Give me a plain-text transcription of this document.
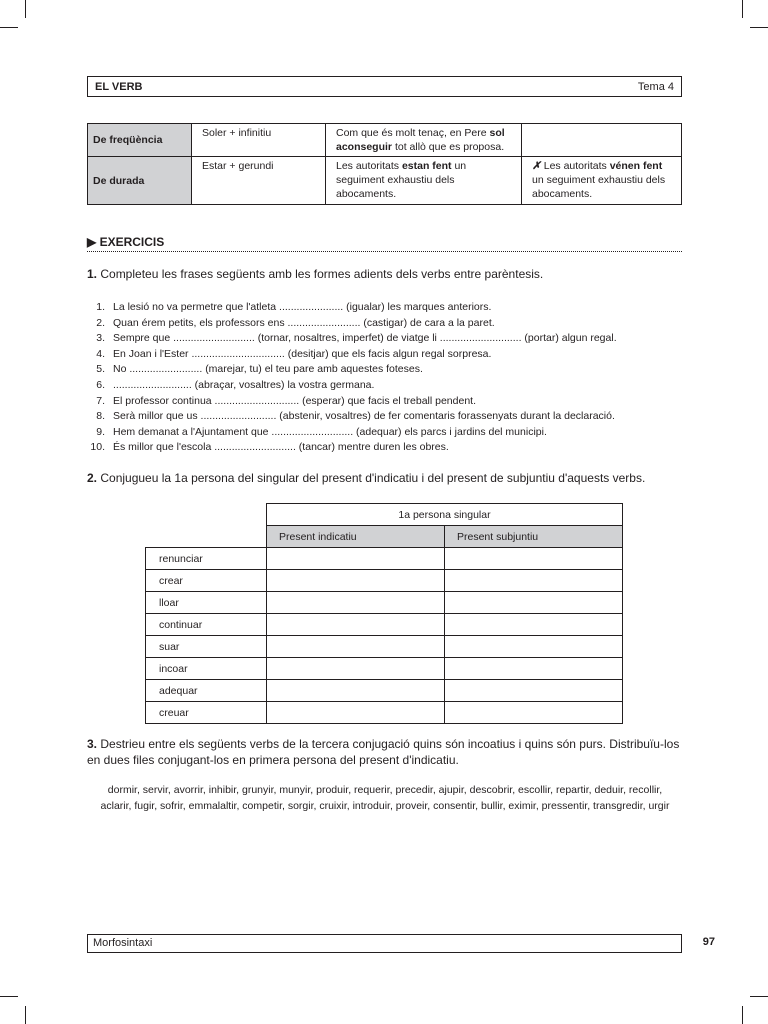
EL VERB	Tema 4
De freqüència	Soler + infinitiu	Com que és molt tenaç, en Pere sol aconseguir tot allò que es proposa.	
De durada	Estar + gerundi	Les autoritats estan fent un seguiment exhaustiu dels abocaments.	✗ Les autoritats vénen fent un seguiment exhaustiu dels abocaments.
▶ EXERCICIS
1. Completeu les frases següents amb les formes adients dels verbs entre parèntesis.
1. La lesió no va permetre que l'atleta ...................... (igualar) les marques anteriors.
2. Quan érem petits, els professors ens ......................... (castigar) de cara a la paret.
3. Sempre que ............................ (tornar, nosaltres, imperfet) de viatge li ............................ (portar) algun regal.
4. En Joan i l'Ester ................................ (desitjar) que els facis algun regal sorpresa.
5. No ......................... (marejar, tu) el teu pare amb aquestes foteses.
6. ........................... (abraçar, vosaltres) la vostra germana.
7. El professor continua ............................. (esperar) que facis el treball pendent.
8. Serà millor que us .......................... (abstenir, vosaltres) de fer comentaris forassenyats durant la declaració.
9. Hem demanat a l'Ajuntament que ............................ (adequar) els parcs i jardins del municipi.
10. És millor que l'escola ............................ (tancar) mentre duren les obres.
2. Conjugueu la 1a persona del singular del present d'indicatiu i del present de subjuntiu d'aquests verbs.
1a persona singular
Present indicatiu	Present subjuntiu
renunciar		
crear		
lloar		
continuar		
suar		
incoar		
adequar		
creuar		
3. Destrieu entre els següents verbs de la tercera conjugació quins són incoatius i quins són purs. Distribuïu-los en dues files conjugant-los en primera persona del present d'indicatiu.
dormir, servir, avorrir, inhibir, grunyir, munyir, produir, requerir, precedir, ajupir, descobrir, escollir, repartir, deduir, recollir, aclarir, fugir, sofrir, emmalaltir, competir, sorgir, cruixir, introduir, proveir, consentir, bullir, eximir, pressentir, transgredir, urgir
Morfosintaxi	97
